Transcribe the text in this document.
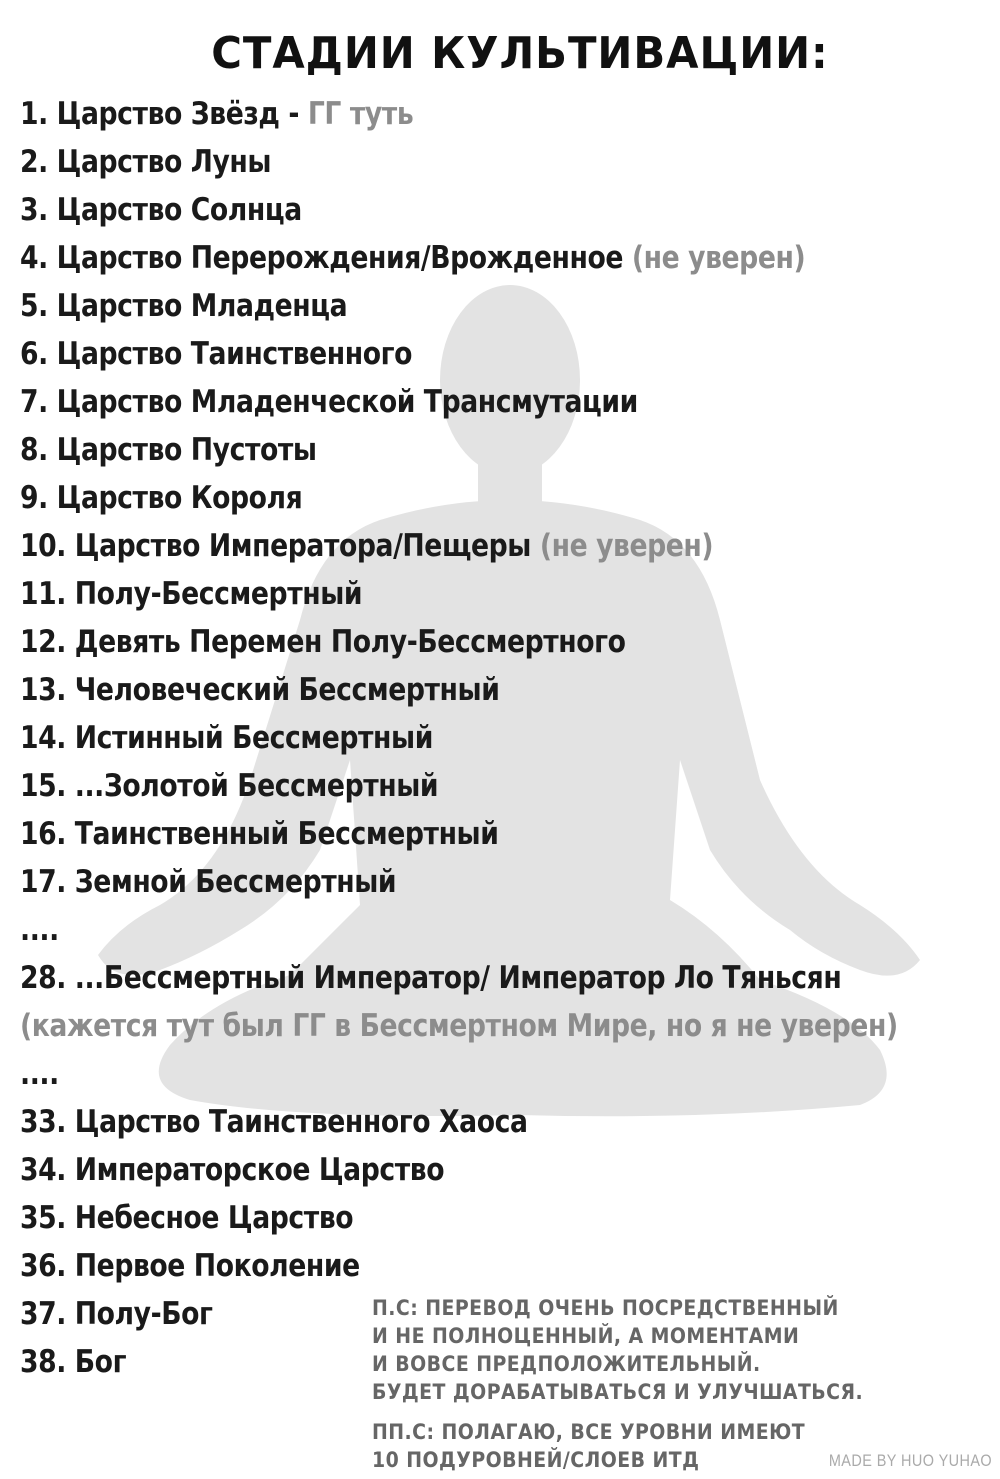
СТАДИИ КУЛЬТИВАЦИИ:
1. Царство Звёзд - ГГ туть
2. Царство Луны
3. Царство Солнца
4. Царство Перерождения/Врожденное (не уверен)
5. Царство Младенца
6. Царство Таинственного
7. Царство Младенческой Трансмутации
8. Царство Пустоты
9. Царство Короля
10. Царство Императора/Пещеры (не уверен)
11. Полу-Бессмертный
12. Девять Перемен Полу-Бессмертного
13. Человеческий Бессмертный
14. Истинный Бессмертный
15. ...Золотой Бессмертный
16. Таинственный Бессмертный
17. Земной Бессмертный
....
28. ...Бессмертный Император/ Император Ло Тяньсян
(кажется тут был ГГ в Бессмертном Мире, но я не уверен)
....
33. Царство Таинственного Хаоса
34. Императорское Царство
35. Небесное Царство
36. Первое Поколение
37. Полу-Бог
38. Бог
П.С: ПЕРЕВОД ОЧЕНЬ ПОСРЕДСТВЕННЫЙ
И НЕ ПОЛНОЦЕННЫЙ, А МОМЕНТАМИ
И ВОВСЕ ПРЕДПОЛОЖИТЕЛЬНЫЙ.
БУДЕТ ДОРАБАТЫВАТЬСЯ И УЛУЧШАТЬСЯ.
ПП.С: ПОЛАГАЮ, ВСЕ УРОВНИ ИМЕЮТ
10 ПОДУРОВНЕЙ/СЛОЕВ ИТД	MADE BY HUO YUHAO
